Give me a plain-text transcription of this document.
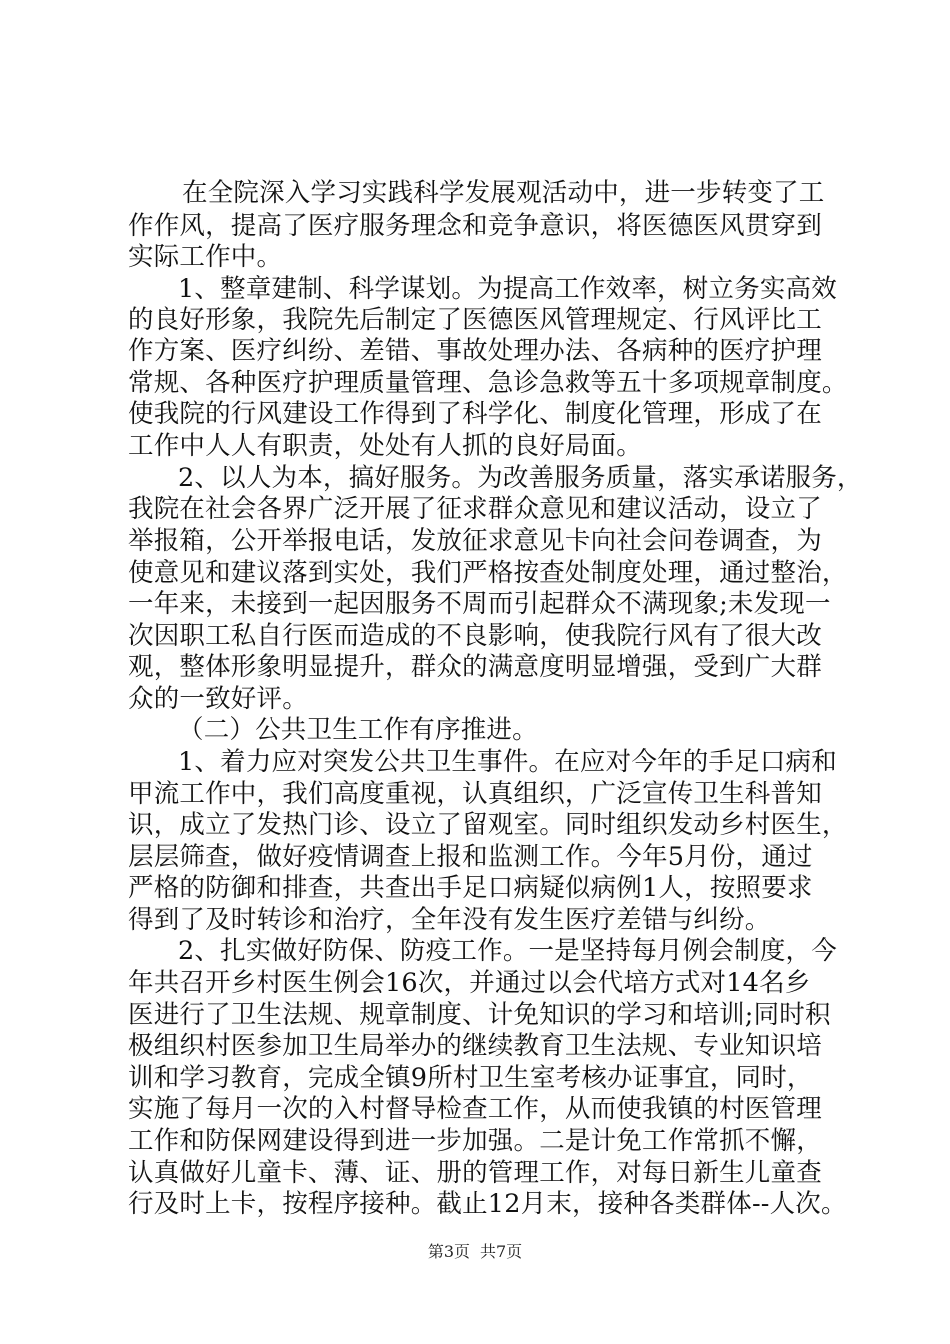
在全院深入学习实践科学发展观活动中，进一步转变了工
作作风，提高了医疗服务理念和竞争意识，将医德医风贯穿到
实际工作中。
1、整章建制、科学谋划。为提高工作效率，树立务实高效
的良好形象，我院先后制定了医德医风管理规定、行风评比工
作方案、医疗纠纷、差错、事故处理办法、各病种的医疗护理
常规、各种医疗护理质量管理、急诊急救等五十多项规章制度。
使我院的行风建设工作得到了科学化、制度化管理，形成了在
工作中人人有职责，处处有人抓的良好局面。
2、以人为本，搞好服务。为改善服务质量，落实承诺服务，
我院在社会各界广泛开展了征求群众意见和建议活动，设立了
举报箱，公开举报电话，发放征求意见卡向社会问卷调查，为
使意见和建议落到实处，我们严格按查处制度处理，通过整治，
一年来，未接到一起因服务不周而引起群众不满现象;未发现一
次因职工私自行医而造成的不良影响，使我院行风有了很大改
观，整体形象明显提升，群众的满意度明显增强，受到广大群
众的一致好评。
（二）公共卫生工作有序推进。
1、着力应对突发公共卫生事件。在应对今年的手足口病和
甲流工作中，我们高度重视，认真组织，广泛宣传卫生科普知
识，成立了发热门诊、设立了留观室。同时组织发动乡村医生，
层层筛查，做好疫情调查上报和监测工作。今年5月份，通过
严格的防御和排查，共查出手足口病疑似病例1人，按照要求
得到了及时转诊和治疗，全年没有发生医疗差错与纠纷。
2、扎实做好防保、防疫工作。一是坚持每月例会制度，今
年共召开乡村医生例会16次，并通过以会代培方式对14名乡
医进行了卫生法规、规章制度、计免知识的学习和培训;同时积
极组织村医参加卫生局举办的继续教育卫生法规、专业知识培
训和学习教育，完成全镇9所村卫生室考核办证事宜，同时，
实施了每月一次的入村督导检查工作，从而使我镇的村医管理
工作和防保网建设得到进一步加强。二是计免工作常抓不懈，
认真做好儿童卡、薄、证、册的管理工作，对每日新生儿童查
行及时上卡，按程序接种。截止12月末，接种各类群体--人次。
第3页 共7页
